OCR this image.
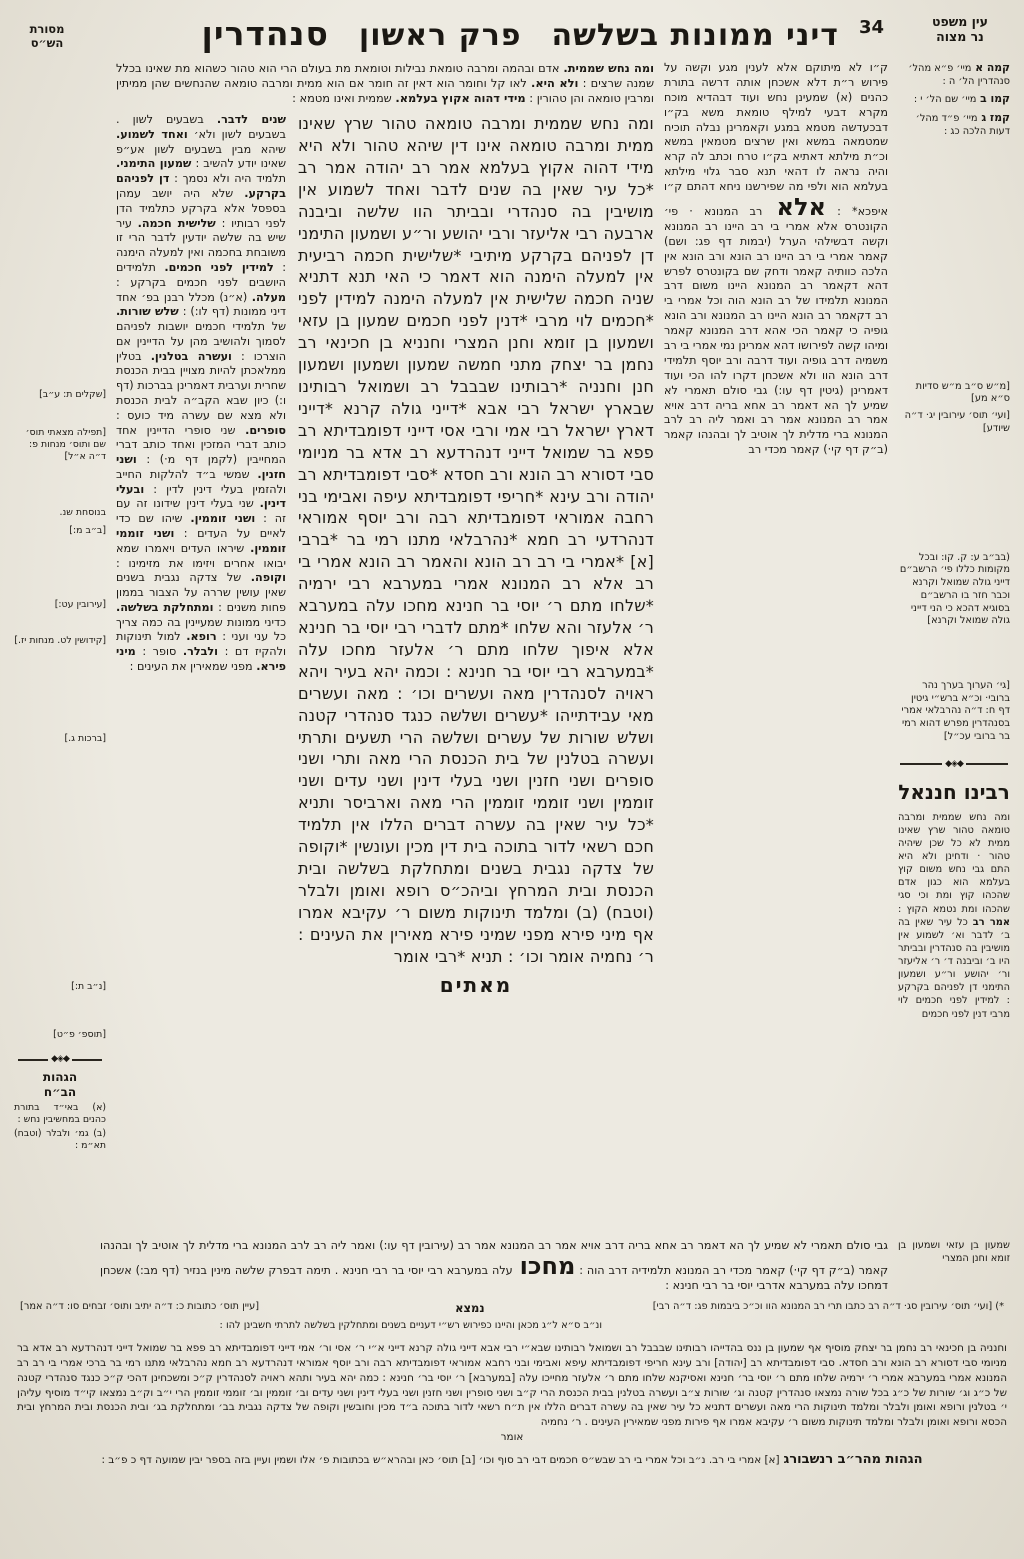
עין משפט
נר מצוה
34
דיני ממונות בשלשה
פרק ראשון
סנהדרין
מסורת
הש״ס
קמה א מיי׳ פ״א מהל׳ סנהדרין הל׳ ה :
קמו ב מיי׳ שם הל׳ י :
קמז ג מיי׳ פ״ד מהל׳ דעות הלכה כג :
[מ״ש ס״ב מ״ש סדיות ס״א מע]
[ועי׳ תוס׳ עירובין יג· ד״ה שיודע]
(בב״ב ע: ק. קו: ובכל מקומות כללו פי׳ הרשב״ם דייני גולה שמואל וקרנא וכבר חזר בו הרשב״ם בסוגיא דהכא כי הני דייני גולה שמואל וקרנא]
[גי׳ הערוך בערך נהר ברובי· וכ״א ברש״י גיטין דף ח: ד״ה נהרבלאי אמרי בסנהדרין מפרש דהוא רמי בר ברובי עכ״ל]
◆◈◆
רבינו חננאל
ומה נחש שממית ומרבה טומאה טהור שרץ שאינו ממית לא כל שכן שיהיה טהור · ודחינן ולא היא התם גבי נחש משום קוץ בעלמא הוא כגון אדם שהכהו קוץ ומת וכי סגי שהכהו ומת נטמא הקוץ : אמר רב כל עיר שאין בה ב׳ לדבר וא׳ לשמוע אין מושיבין בה סנהדרין ובביתר היו ב׳ וביבנה ד׳ ר׳ אליעזר ור׳ יהושע ור״ע ושמעון התימני דן לפניהם בקרקע : למידין לפני חכמים לוי מרבי דנין לפני חכמים
ק״ו לא מיתוקם אלא לענין מגע וקשה על פירוש ר״ת דלא אשכחן אותה דרשה בתורת כהנים (א) שמעינן נחש ועוד דבהדיא מוכח מקרא דבעי למילף טומאת משא בק״ו דבכעדשה מטמא במגע וקאמרינן נבלה תוכיח שמטמאה במשא ואין שרצים מטמאין במשא וכ״ת מילתא דאתיא בק״ו טרח וכתב לה קרא והיה נראה לו דהאי תנא סבר גלוי מילתא בעלמא הוא ולפי מה שפירשנו ניחא דהתם ק״ו איפכא* : אלא רב המנונא · פי׳ הקונטרס אלא אמרי בי רב היינו רב המנונא וקשה דבשילהי הערל (יבמות דף פג: ושם) קאמר אמרי בי רב היינו רב הונא ורב הונא אין הלכה כוותיה קאמר ודחק שם בקונטרס לפרש דהא דקאמר רב המנונא היינו משום דרב המנונא תלמידו של רב הונא הוה וכל אמרי בי רב דקאמר רב הונא היינו רב המנונא ורב הונא גופיה כי קאמר הכי אהא דרב המנונא קאמר ומיהו קשה לפירושו דהא אמרינן נמי אמרי בי רב משמיה דרב גופיה ועוד דרבה ורב יוסף תלמידי דרב הונא הוו ולא אשכחן דקרו להו הכי ועוד דאמרינן (גיטין דף עו:) גבי סולם תאמרי לא שמיע לך הא דאמר רב אחא בריה דרב אויא אמר רב המנונא אמר רב ואמר ליה רב לרב המנונא ברי מדלית לך אוטיב לך ובהנהו קאמר (ב״ק דף קי·) קאמר מכדי רב
ומה נחש שממית. אדם ובהמה ומרבה טומאת נבילות וטומאת מת בעולם הרי הוא טהור כשהוא מת שאינו בכלל שמנה שרצים : ולא היא. לאו קל וחומר הוא דאין זה חומר אם הוא ממית ומרבה טומאה שהנחשים שהן ממיתין ומרבין טומאה והן טהורין : מידי דהוה אקוץ בעלמא. שממית ואינו מטמא :
ומה נחש שממית ומרבה טומאה טהור שרץ שאינו ממית ומרבה טומאה אינו דין שיהא טהור ולא היא מידי דהוה אקוץ בעלמא אמר רב יהודה אמר רב *כל עיר שאין בה שנים לדבר ואחד לשמוע אין מושיבין בה סנהדרי ובביתר הוו שלשה וביבנה ארבעה רבי אליעזר ורבי יהושע ור״ע ושמעון התימני דן לפניהם בקרקע מיתיבי *שלישית חכמה רביעית אין למעלה הימנה הוא דאמר כי האי תנא דתניא שניה חכמה שלישית אין למעלה הימנה למידין לפני *חכמים לוי מרבי *דנין לפני חכמים שמעון בן עזאי ושמעון בן זומא וחנן המצרי וחנניא בן חכינאי רב נחמן בר יצחק מתני חמשה שמעון ושמעון ושמעון חנן וחנניה *רבותינו שבבבל רב ושמואל רבותינו שבארץ ישראל רבי אבא *דייני גולה קרנא *דייני דארץ ישראל רבי אמי ורבי אסי דייני דפומבדיתא רב פפא בר שמואל דייני דנהרדעא רב אדא בר מניומי סבי דסורא רב הונא ורב חסדא *סבי דפומבדיתא רב יהודה ורב עינא *חריפי דפומבדיתא עיפה ואבימי בני רחבה אמוראי דפומבדיתא רבה ורב יוסף אמוראי דנהרדעי רב חמא *נהרבלאי מתנו רמי בר *ברבי [א] *אמרי בי רב רב הונא והאמר רב הונא אמרי בי רב אלא רב המנונא אמרי במערבא רבי ירמיה *שלחו מתם ר׳ יוסי בר חנינא מחכו עלה במערבא ר׳ אלעזר והא שלחו *מתם לדברי רבי יוסי בר חנינא אלא איפוך שלחו מתם ר׳ אלעזר מחכו עלה *במערבא רבי יוסי בר חנינא : וכמה יהא בעיר ויהא ראויה לסנהדרין מאה ועשרים וכו׳ : מאה ועשרים מאי עבידתייהו *עשרים ושלשה כנגד סנהדרי קטנה ושלש שורות של עשרים ושלשה הרי תשעים ותרתי ועשרה בטלנין של בית הכנסת הרי מאה ותרי ושני סופרים ושני חזנין ושני בעלי דינין ושני עדים ושני זוממין ושני זוממי זוממין הרי מאה וארביסר ותניא *כל עיר שאין בה עשרה דברים הללו אין תלמיד חכם רשאי לדור בתוכה בית דין מכין ועונשין *וקופה של צדקה נגבית בשנים ומתחלקת בשלשה ובית הכנסת ובית המרחץ וביהכ״ס רופא ואומן ולבלר (וטבח) (ב) ומלמד תינוקות משום ר׳ עקיבא אמרו אף מיני פירא מפני שמיני פירא מאירין את העינים : ר׳ נחמיה אומר וכו׳ : תניא *רבי אומר
מאתים
שנים לדבר. בשבעים לשון . בשבעים לשון ולא׳ ואחד לשמוע. שיהא מבין בשבעים לשון אע״פ שאינו יודע להשיב : שמעון התימני. תלמיד היה ולא נסמך : דן לפניהם בקרקע. שלא היה יושב עמהן בספסל אלא בקרקע כתלמיד הדן לפני רבותיו : שלישית חכמה. עיר שיש בה שלשה יודעין לדבר הרי זו משובחת בחכמה ואין למעלה הימנה : למידין לפני חכמים. תלמידים היושבים לפני חכמים בקרקע : מעלה. (א״נ) מכלל רבנן בפ׳ אחד דיני ממונות (דף לו:) : שלש שורות. של תלמידי חכמים יושבות לפניהם לסמוך ולהושיב מהן על הדיינין אם הוצרכו : ועשרה בטלנין. בטלין ממלאכתן להיות מצויין בבית הכנסת שחרית וערבית דאמרינן בברכות (דף ו:) כיון שבא הקב״ה לבית הכנסת ולא מצא שם עשרה מיד כועס : סופרים. שני סופרי הדיינין אחד כותב דברי המזכין ואחד כותב דברי המחייבין (לקמן דף מ·) : ושני חזנין. שמשי ב״ד להלקות החייב ולהזמין בעלי דינין לדין : ובעלי דינין. שני בעלי דינין שידונו זה עם זה : ושני זוממין. שיהו שם כדי לאיים על העדים : ושני זוממי זוממין. שיראו העדים ויאמרו שמא יבואו אחרים ויזימו את מזימינו : וקופה. של צדקה נגבית בשנים שאין עושין שררה על הצבור בממון פחות משנים : ומתחלקת בשלשה. כדיני ממונות שמעיינין בה כמה צריך כל עני ועני : רופא. למול תינוקות ולהקיז דם : ולבלר. סופר : מיני פירא. מפני שמאירין את העינים :
[שקלים ת: ע״ב]
[תפילה מצאתי תוס׳ שם ותוס׳ מנחות פ: ד״ה א״ל]
בנוסחת שנ.
[ב״ב מ:]
[עירובין עט:]
[קידושין לט. מנחות יז.]
[ברכות ג.]
[נ״ב ת:]
[תוספ׳ פ״ט]
◆◈◆
הגהות
הב״ח
(א) באי״ד בתורת כהנים במחשיבין נחש :
(ב) גמ׳ ולבלר (וטבח) תא״מ :
שמעון בן עזאי ושמעון בן זומא וחנן המצרי
גבי סולם תאמרי לא שמיע לך הא דאמר רב אחא בריה דרב אויא אמר רב המנונא אמר רב (עירובין דף עו:) ואמר ליה רב לרב המנונא ברי מדלית לך אוטיב לך ובהנהו קאמר (ב״ק דף קי·) קאמר מכדי רב המנונא תלמידיה דרב הוה : מחכו עלה במערבא רבי יוסי בר רבי חנינא . תימה דבפרק שלשה מינין בנזיר (דף מב:) אשכחן דמחכו עלה במערבא אדרבי יוסי בר רבי חנינא :
*) [ועי׳ תוס׳ עירובין סג· ד״ה רב כתבו תרי רב המנונא הוו וכ״כ ביבמות פג: ד״ה רבי]
נמצא
[עיין תוס׳ כתובות כ: ד״ה יתיב ותוס׳ זבחים סו: ד״ה אמר]
ונ״ב ס״א ל״ג מכאן והיינו כפירוש רש״י דעניים בשנים ומתחלקין בשלשה לתרתי חשבינן להו :
וחנניה בן חכינאי רב נחמן בר יצחק מוסיף אף שמעון בן ננס בהדייהו רבותינו שבבבל רב ושמואל רבותינו שבא״י רבי אבא דייני גולה קרנא דייני א״י ר׳ אסי ור׳ אמי דייני דפומבדיתא רב פפא בר שמואל דייני דנהרדעא רב אדא בר מניומי סבי דסורא רב הונא ורב חסדא. סבי דפומבדיתא רב [יהודה] ורב עינא חריפי דפומבדיתא עיפא ואבימי ובני רחבא אמוראי דפומבדיתא רבה ורב יוסף אמוראי דנהרדעא רב חמא נהרבלאי מתנו רמי בר ברכי אמרי בי רב רב המנונא אמרי במערבא אמרי ר׳ ירמיה שלחו מתם ר׳ יוסי בר׳ חנינא ואסיקנא שלחו מתם ר׳ אלעזר מחייכו עלה [במערבא] ר׳ יוסי בר׳ חנינא : כמה יהא בעיר ותהא ראויה לסנהדרין ק״כ ומשכחינן דהכי ק״כ כנגד סנהדרי קטנה של כ״ג וג׳ שורות של כ״ג בכל שורה נמצאו סנהדרין קטנה וג׳ שורות צ״ב ועשרה בטלנין בבית הכנסת הרי ק״ב ושני סופרין ושני חזנין ושני בעלי דינין ושני עדים וב׳ זוממין וב׳ זוממי זוממין הרי י״ב וק״ב נמצאו קי״ד מוסיף עליהן י׳ בטלנין ורופא ואומן ולבלר ומלמד תינוקות הרי מאה ועשרים דתניא כל עיר שאין בה עשרה דברים הללו אין ת״ח רשאי לדור בתוכה ב״ד מכין וחובשין וקופה של צדקה נגבית בב׳ ומתחלקת בג׳ ובית הכנסת ובית המרחץ ובית הכסא ורופא ואומן ולבלר ומלמד תינוקות משום ר׳ עקיבא אמרו אף פירות מפני שמאירין העינים . ר׳ נחמיה
אומר
הגהות מהר״ב רנשבורג[א] אמרי בי רב. נ״ב וכל אמרי בי רב שבש״ס חכמים דבי רב סוף וכו׳ [ב] תוס׳ כאן ובהרא״ש בכתובות פ׳ אלו ושמין ועיין בזה בספר יבין שמועה דף כ פ״ב :
